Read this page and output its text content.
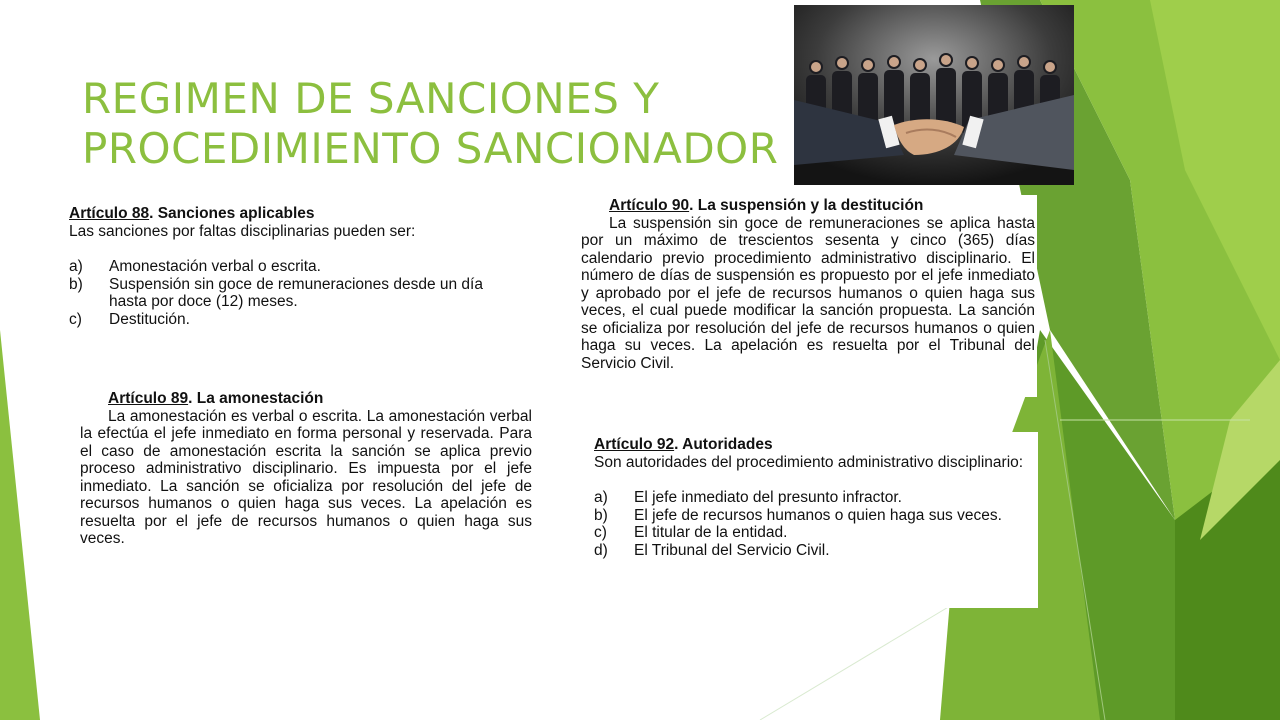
REGIMEN DE SANCIONES Y
PROCEDIMIENTO SANCIONADOR
Artículo 88. Sanciones aplicables
Las sanciones por faltas disciplinarias pueden ser:
a)	Amonestación verbal o escrita.
b)	Suspensión sin goce de remuneraciones desde un día hasta por doce (12) meses.
c)	Destitución.
Artículo 89. La amonestación
La amonestación es verbal o escrita. La amonestación verbal la efectúa el jefe inmediato en forma personal y reservada. Para el caso de amonestación escrita la sanción se aplica previo proceso administrativo disciplinario. Es impuesta por el jefe inmediato. La sanción se oficializa por resolución del jefe de recursos humanos o quien haga sus veces. La apelación es resuelta por el jefe de recursos humanos o quien haga sus veces.
Artículo 90. La suspensión y la destitución
La suspensión sin goce de remuneraciones se aplica hasta por un máximo de trescientos sesenta y cinco (365) días calendario previo procedimiento administrativo disciplinario. El número de días de suspensión es propuesto por el jefe inmediato y aprobado por el jefe de recursos humanos o quien haga sus veces, el cual puede modificar la sanción propuesta. La sanción se oficializa por resolución del jefe de recursos humanos o quien haga su veces. La apelación es resuelta por el Tribunal del Servicio Civil.
Artículo 92. Autoridades
Son autoridades del procedimiento administrativo disciplinario:
a)	El jefe inmediato del presunto infractor.
b)	El jefe de recursos humanos o quien haga sus veces.
c)	El titular de la entidad.
d)	El Tribunal del Servicio Civil.
